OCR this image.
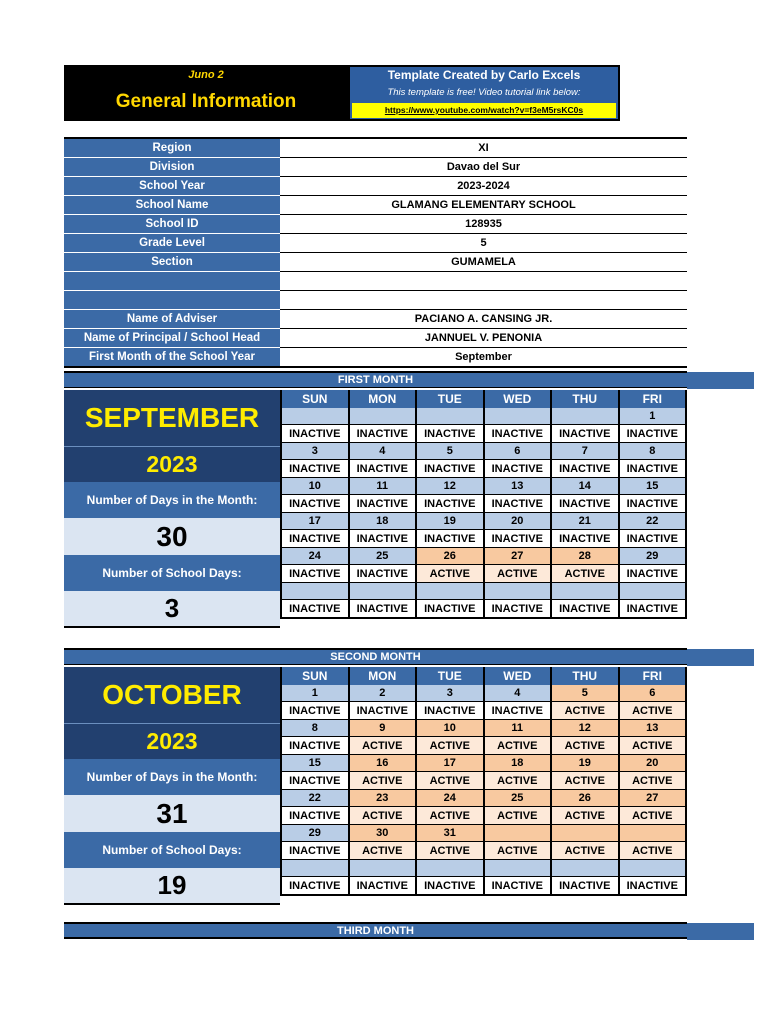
Juno 2
General Information
Template Created by Carlo Excels
This template is free! Video tutorial link below:
https://www.youtube.com/watch?v=f3eM5rsKC0s
Region	XI
Division	Davao del Sur
School Year	2023-2024
School Name	GLAMANG ELEMENTARY SCHOOL
School ID	128935
Grade Level	5
Section	GUMAMELA

Name of Adviser	PACIANO A. CANSING JR.
Name of Principal / School Head	JANNUEL V. PENONIA
First Month of the School Year	September
FIRST MONTH
SEPTEMBER
2023
Number of Days in the Month:
30
Number of School Days:
3
SUN	MON	TUE	WED	THU	FRI
					1
INACTIVE	INACTIVE	INACTIVE	INACTIVE	INACTIVE	INACTIVE
3	4	5	6	7	8
INACTIVE	INACTIVE	INACTIVE	INACTIVE	INACTIVE	INACTIVE
10	11	12	13	14	15
INACTIVE	INACTIVE	INACTIVE	INACTIVE	INACTIVE	INACTIVE
17	18	19	20	21	22
INACTIVE	INACTIVE	INACTIVE	INACTIVE	INACTIVE	INACTIVE
24	25	26	27	28	29
INACTIVE	INACTIVE	ACTIVE	ACTIVE	ACTIVE	INACTIVE

INACTIVE	INACTIVE	INACTIVE	INACTIVE	INACTIVE	INACTIVE
SECOND MONTH
OCTOBER
2023
Number of Days in the Month:
31
Number of School Days:
19
SUN	MON	TUE	WED	THU	FRI
1	2	3	4	5	6
INACTIVE	INACTIVE	INACTIVE	INACTIVE	ACTIVE	ACTIVE
8	9	10	11	12	13
INACTIVE	ACTIVE	ACTIVE	ACTIVE	ACTIVE	ACTIVE
15	16	17	18	19	20
INACTIVE	ACTIVE	ACTIVE	ACTIVE	ACTIVE	ACTIVE
22	23	24	25	26	27
INACTIVE	ACTIVE	ACTIVE	ACTIVE	ACTIVE	ACTIVE
29	30	31			
INACTIVE	ACTIVE	ACTIVE	ACTIVE	ACTIVE	ACTIVE

INACTIVE	INACTIVE	INACTIVE	INACTIVE	INACTIVE	INACTIVE
THIRD MONTH
